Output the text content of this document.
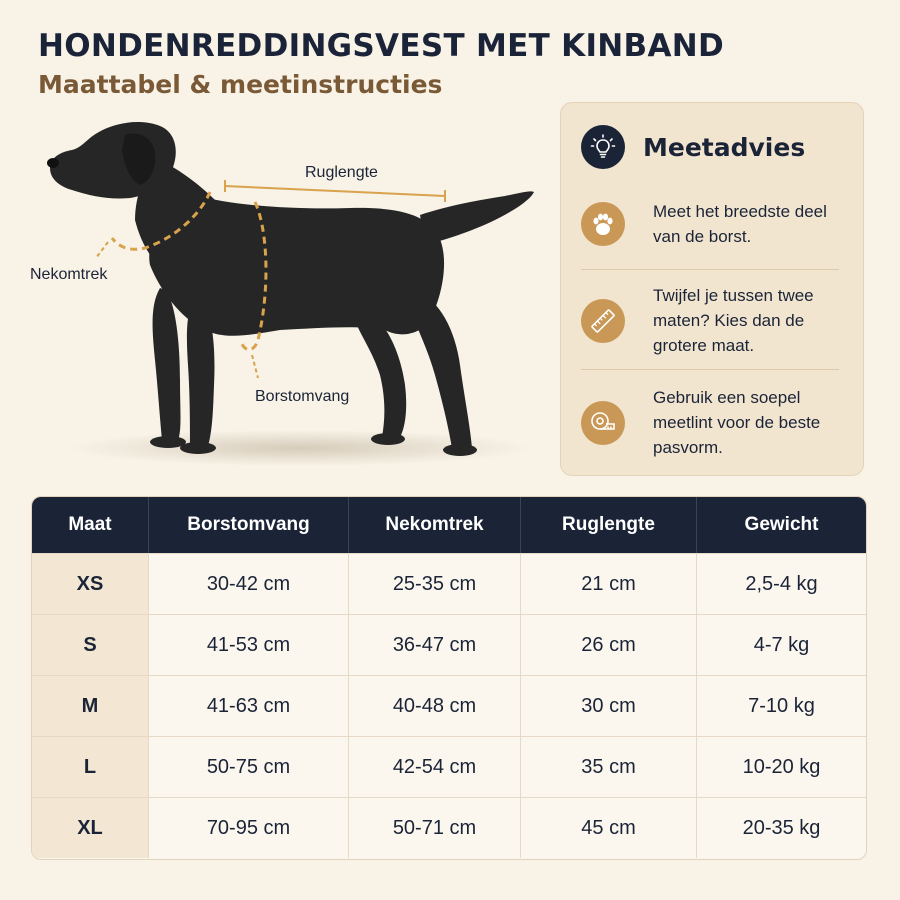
HONDENREDDINGSVEST MET KINBAND
Maattabel & meetinstructies
Nekomtrek
Ruglengte
Borstomvang
Meetadvies
Meet het breedste deel van de borst.
Twijfel je tussen twee maten? Kies dan de grotere maat.
Gebruik een soepel meetlint voor de beste pasvorm.
Maat	Borstomvang	Nekomtrek	Ruglengte	Gewicht
XS	30-42 cm	25-35 cm	21 cm	2,5-4 kg
S	41-53 cm	36-47 cm	26 cm	4-7 kg
M	41-63 cm	40-48 cm	30 cm	7-10 kg
L	50-75 cm	42-54 cm	35 cm	10-20 kg
XL	70-95 cm	50-71 cm	45 cm	20-35 kg
